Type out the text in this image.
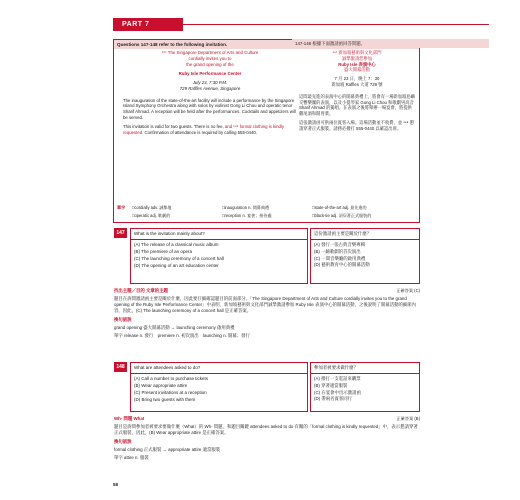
PART 7
Questions 147-148 refer to the following invitation.	147-148 根據下面激請函回答問題。
¹⁴⁷ The Singapore Department of Arts and Culture
cordially invites you to
the grand opening of the
Ruby Isle Performance Center
July 23, 7:30 P.M.
729 Raffles Avenue, Singapore

The inauguration of the state-of-the-art facility will include a performance by the Singapore Island Symphony Orchestra along with solos by violinist Gong Li Chou and operatic tenor Sharif Ahmad. A reception will be held after the performances. Cocktails and appetizers will be served.

This invitation is valid for two guests. There is no fee, and ¹⁴⁸ formal clothing is kindly requested. Confirmation of attendance is required by calling 555-0440.

¹⁴⁷ 新加坡藝術與文化部門
誠摯激請您參加
Ruby Isle 表演中心
盛大開幕活動
7 月 23 日，晚上 7：30
新加坡 Raffles 大道 729 號

這間最先進的表演中心的開幕典禮上，將會有一場新加坡島嶼交響樂團的表演，以及小提琴家 Gong Li Chou 和歌劇男高音 Sharif Ahmad 的獨唱。在表演之後將舉辦一場宴會，將提供雞尾酒和開胃菜。

這張激請函可供兩位賓客入場。這場活動並不收費，並 ¹⁴⁸ 懇請穿著正式服裝。請務必撥打 555-0440 以確認出席。

單字 □cordially adv. 誠摯地	□inauguration n. 開幕典禮	□state-of-the-art adj. 最先進的
□operatic adj. 歌劇的	□reception n. 宴會；接待處	□black-tie adj. 須穿著正式服裝的
147	What is the invitation mainly about?
(A) The release of a classical music album
(B) The premiere of an opera
(C) The launching ceremony of a concert hall
(D) The opening of an art education center
這份激請函主要是關於什麼？
(A) 發行一張古典音樂專輯
(B) 一齣歌劇的首次演出
(C) 一間音樂廳的啟用典禮
(D) 藝術教育中心的開幕活動
找出主題／目的 文章的主題	正確答案 (C)

題目在詢問激請函主要是關於什麼，因此要仔細確認題目的前面部分。「The Singapore Department of Arts and Culture cordially invites you to the grand opening of the Ruby Isle Performance Center」中表明，新加坡藝術與文化部門誠摯激請參加 Ruby Isle 表演中心的開幕活動，之後說明了開幕活動的細節內容，因此，(C) The launching ceremony of a concert hall 是正確答案。

換句話說

grand opening 盛大開幕活動 → launching ceremony 啟用典禮

單字 release n. 發行　premiere n. 初次演出　launching n. 開幕；發行

148	What are attendees asked to do?
(A) Call a number to purchase tickets
(B) Wear appropriate attire
(C) Present invitations at a reception
(D) Bring two guests with them
參加者被要求做什麼？
(A) 撥打一支電話來購票
(B) 穿著適當服裝
(C) 在宴會中出示激請函
(D) 帶兩名賓客同行
Wh- 問題 What	正確答案 (B)

題目是詢問參加者被要求要做什麼（What）的 Wh- 問題，和題目關鍵 attendees asked to do 有關的「formal clothing is kindly requested」中，表示懇請穿著正式服裝，因此，(B) Wear appropriate attire 是正確答案。

換句話說

formal clothing 正式服裝 → appropriate attire 適當服裝

單字 attire n. 服裝

58
